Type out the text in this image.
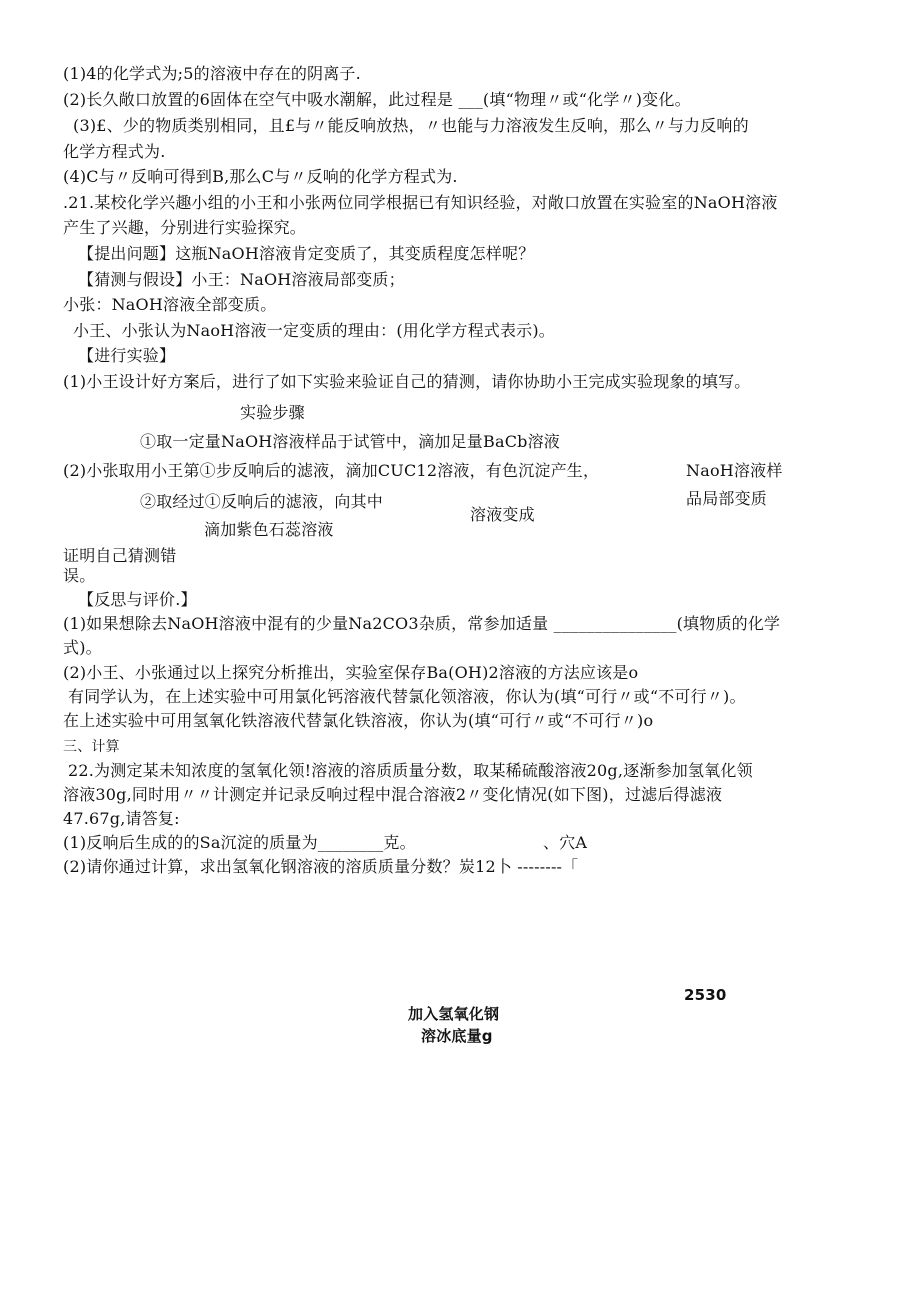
(1)4的化学式为;5的溶液中存在的阴离子.
(2)长久敞口放置的6固体在空气中吸水潮解，此过程是 ___(填“物理〃或“化学〃)变化。
(3)£、少的物质类别相同，且£与〃能反响放热，〃也能与力溶液发生反响，那么〃与力反响的
化学方程式为.
(4)C与〃反响可得到B,那么C与〃反响的化学方程式为.
.21.某校化学兴趣小组的小王和小张两位同学根据已有知识经验，对敞口放置在实验室的NaOH溶液
产生了兴趣，分别进行实验探究。
【提出问题】这瓶NaOH溶液肯定变质了，其变质程度怎样呢？
【猜测与假设】小王：NaOH溶液局部变质；
小张：NaOH溶液全部变质。
小王、小张认为NaoH溶液一定变质的理由：(用化学方程式表示)。
【进行实验】
(1)小王设计好方案后，进行了如下实验来验证自己的猜测，请你协助小王完成实验现象的填写。
实验步骤
①取一定量NaOH溶液样品于试管中，滴加足量BaCb溶液
(2)小张取用小王第①步反响后的滤液，滴加CUC12溶液，有色沉淀产生，	NaoH溶液样
品局部变质
②取经过①反响后的滤液，向其中
溶液变成
滴加紫色石蕊溶液
证明自己猜测错
误。
【反思与评价.】
(1)如果想除去NaOH溶液中混有的少量Na2CO3杂质，常参加适量 _______________(填物质的化学
式)。
(2)小王、小张通过以上探究分析推出，实验室保存Ba(OH)2溶液的方法应该是o
有同学认为，在上述实验中可用氯化钙溶液代替氯化领溶液，你认为(填“可行〃或“不可行〃)。
在上述实验中可用氢氧化铁溶液代替氯化铁溶液，你认为(填“可行〃或“不可行〃)o
三、计算
22.为测定某未知浓度的氢氧化领!溶液的溶质质量分数，取某稀硫酸溶液20g,逐渐参加氢氧化领
溶液30g,同时用〃〃计测定并记录反响过程中混合溶液2〃变化情况(如下图)，过滤后得滤液
47.67g,请答复:
(1)反响后生成的的Sa沉淀的质量为________克。	、穴A
(2)请你通过计算，求出氢氧化钢溶液的溶质质量分数？炭12卜 --------「
2530
加入氢氧化钢
溶冰底量g
